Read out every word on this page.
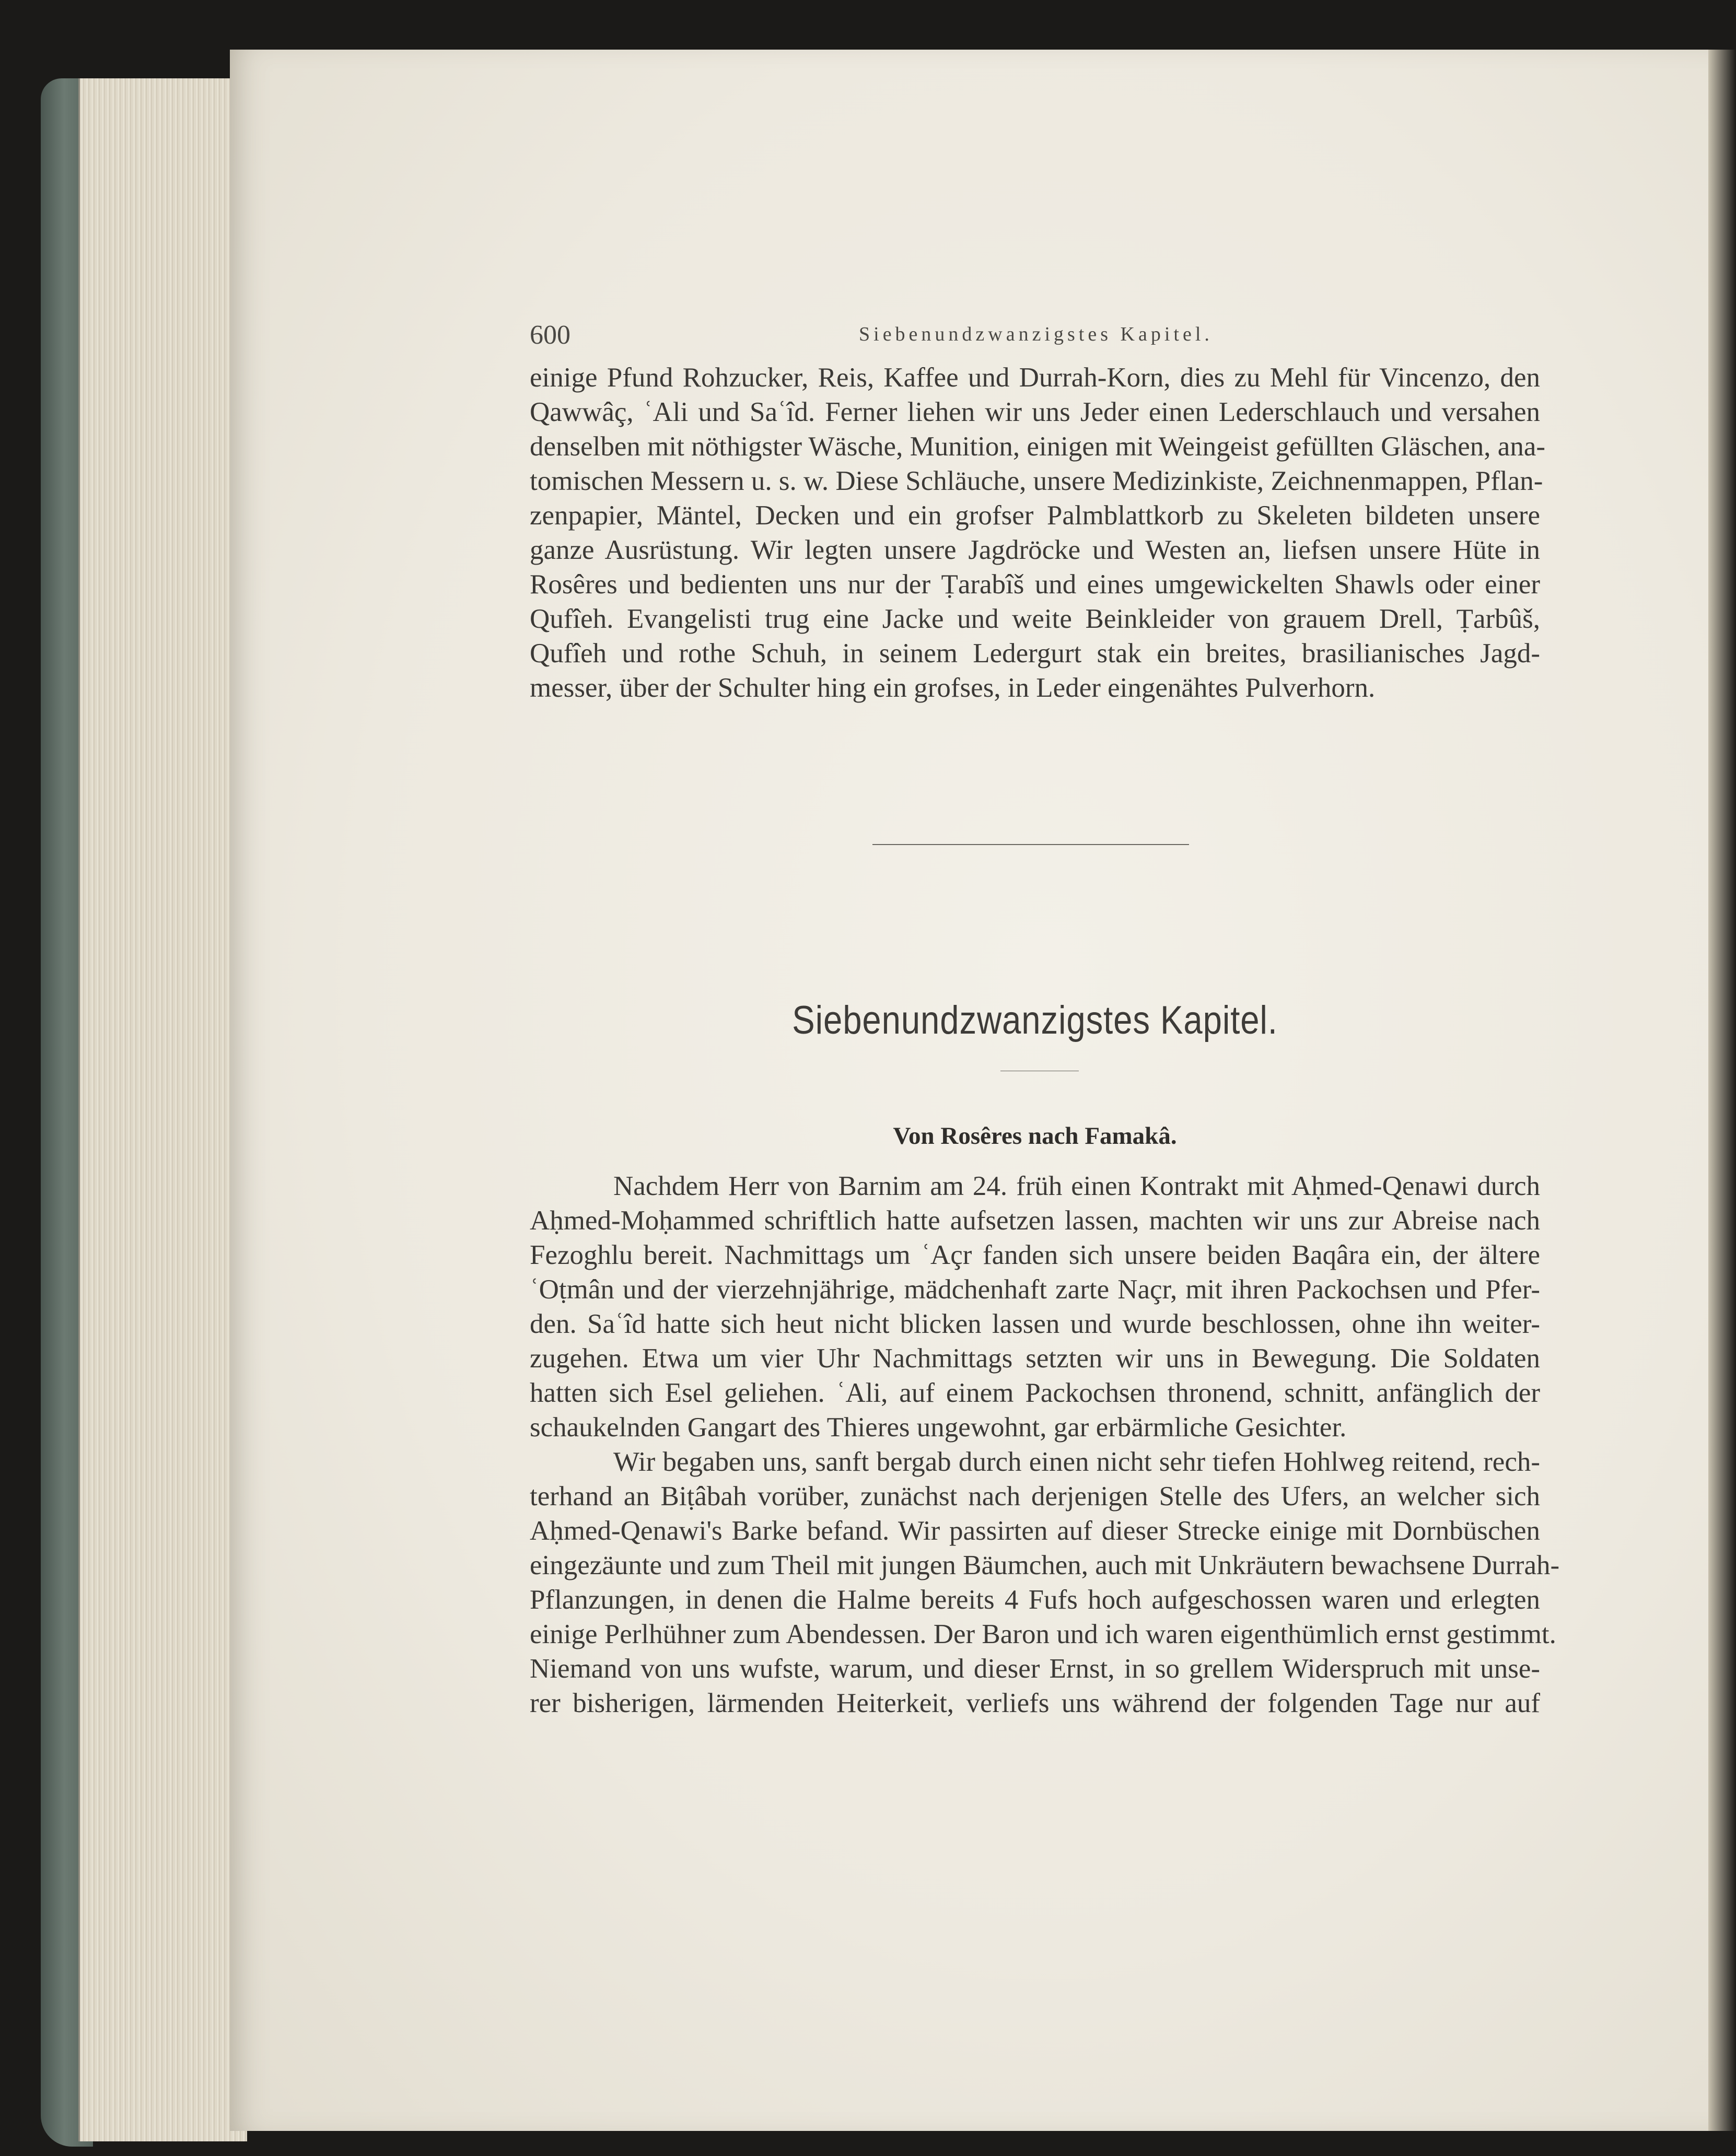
600	Siebenundzwanzigstes Kapitel.
einige Pfund Rohzucker, Reis, Kaffee und Durrah-Korn, dies zu Mehl für Vincenzo, den
Qawwâç, ʿAli und Saʿîd. Ferner liehen wir uns Jeder einen Lederschlauch und versahen
denselben mit nöthigster Wäsche, Munition, einigen mit Weingeist gefüllten Gläschen, ana-
tomischen Messern u. s. w. Diese Schläuche, unsere Medizinkiste, Zeichnenmappen, Pflan-
zenpapier, Mäntel, Decken und ein grofser Palmblattkorb zu Skeleten bildeten unsere
ganze Ausrüstung. Wir legten unsere Jagdröcke und Westen an, liefsen unsere Hüte in
Rosêres und bedienten uns nur der Ṭarabîš und eines umgewickelten Shawls oder einer
Qufîeh. Evangelisti trug eine Jacke und weite Beinkleider von grauem Drell, Ṭarbûš,
Qufîeh und rothe Schuh, in seinem Ledergurt stak ein breites, brasilianisches Jagd-
messer, über der Schulter hing ein grofses, in Leder eingenähtes Pulverhorn.
Siebenundzwanzigstes Kapitel.
Von Rosêres nach Famakâ.
Nachdem Herr von Barnim am 24. früh einen Kontrakt mit Aḥmed-Qenawi durch
Aḥmed-Moḥammed schriftlich hatte aufsetzen lassen, machten wir uns zur Abreise nach
Fezoghlu bereit. Nachmittags um ʿAçr fanden sich unsere beiden Baqâra ein, der ältere
ʿOṭmân und der vierzehnjährige, mädchenhaft zarte Naçr, mit ihren Packochsen und Pfer-
den. Saʿîd hatte sich heut nicht blicken lassen und wurde beschlossen, ohne ihn weiter-
zugehen. Etwa um vier Uhr Nachmittags setzten wir uns in Bewegung. Die Soldaten
hatten sich Esel geliehen. ʿAli, auf einem Packochsen thronend, schnitt, anfänglich der
schaukelnden Gangart des Thieres ungewohnt, gar erbärmliche Gesichter.
Wir begaben uns, sanft bergab durch einen nicht sehr tiefen Hohlweg reitend, rech-
terhand an Biṭâbah vorüber, zunächst nach derjenigen Stelle des Ufers, an welcher sich
Aḥmed-Qenawi's Barke befand. Wir passirten auf dieser Strecke einige mit Dornbüschen
eingezäunte und zum Theil mit jungen Bäumchen, auch mit Unkräutern bewachsene Durrah-
Pflanzungen, in denen die Halme bereits 4 Fufs hoch aufgeschossen waren und erlegten
einige Perlhühner zum Abendessen. Der Baron und ich waren eigenthümlich ernst gestimmt.
Niemand von uns wufste, warum, und dieser Ernst, in so grellem Widerspruch mit unse-
rer bisherigen, lärmenden Heiterkeit, verliefs uns während der folgenden Tage nur auf
